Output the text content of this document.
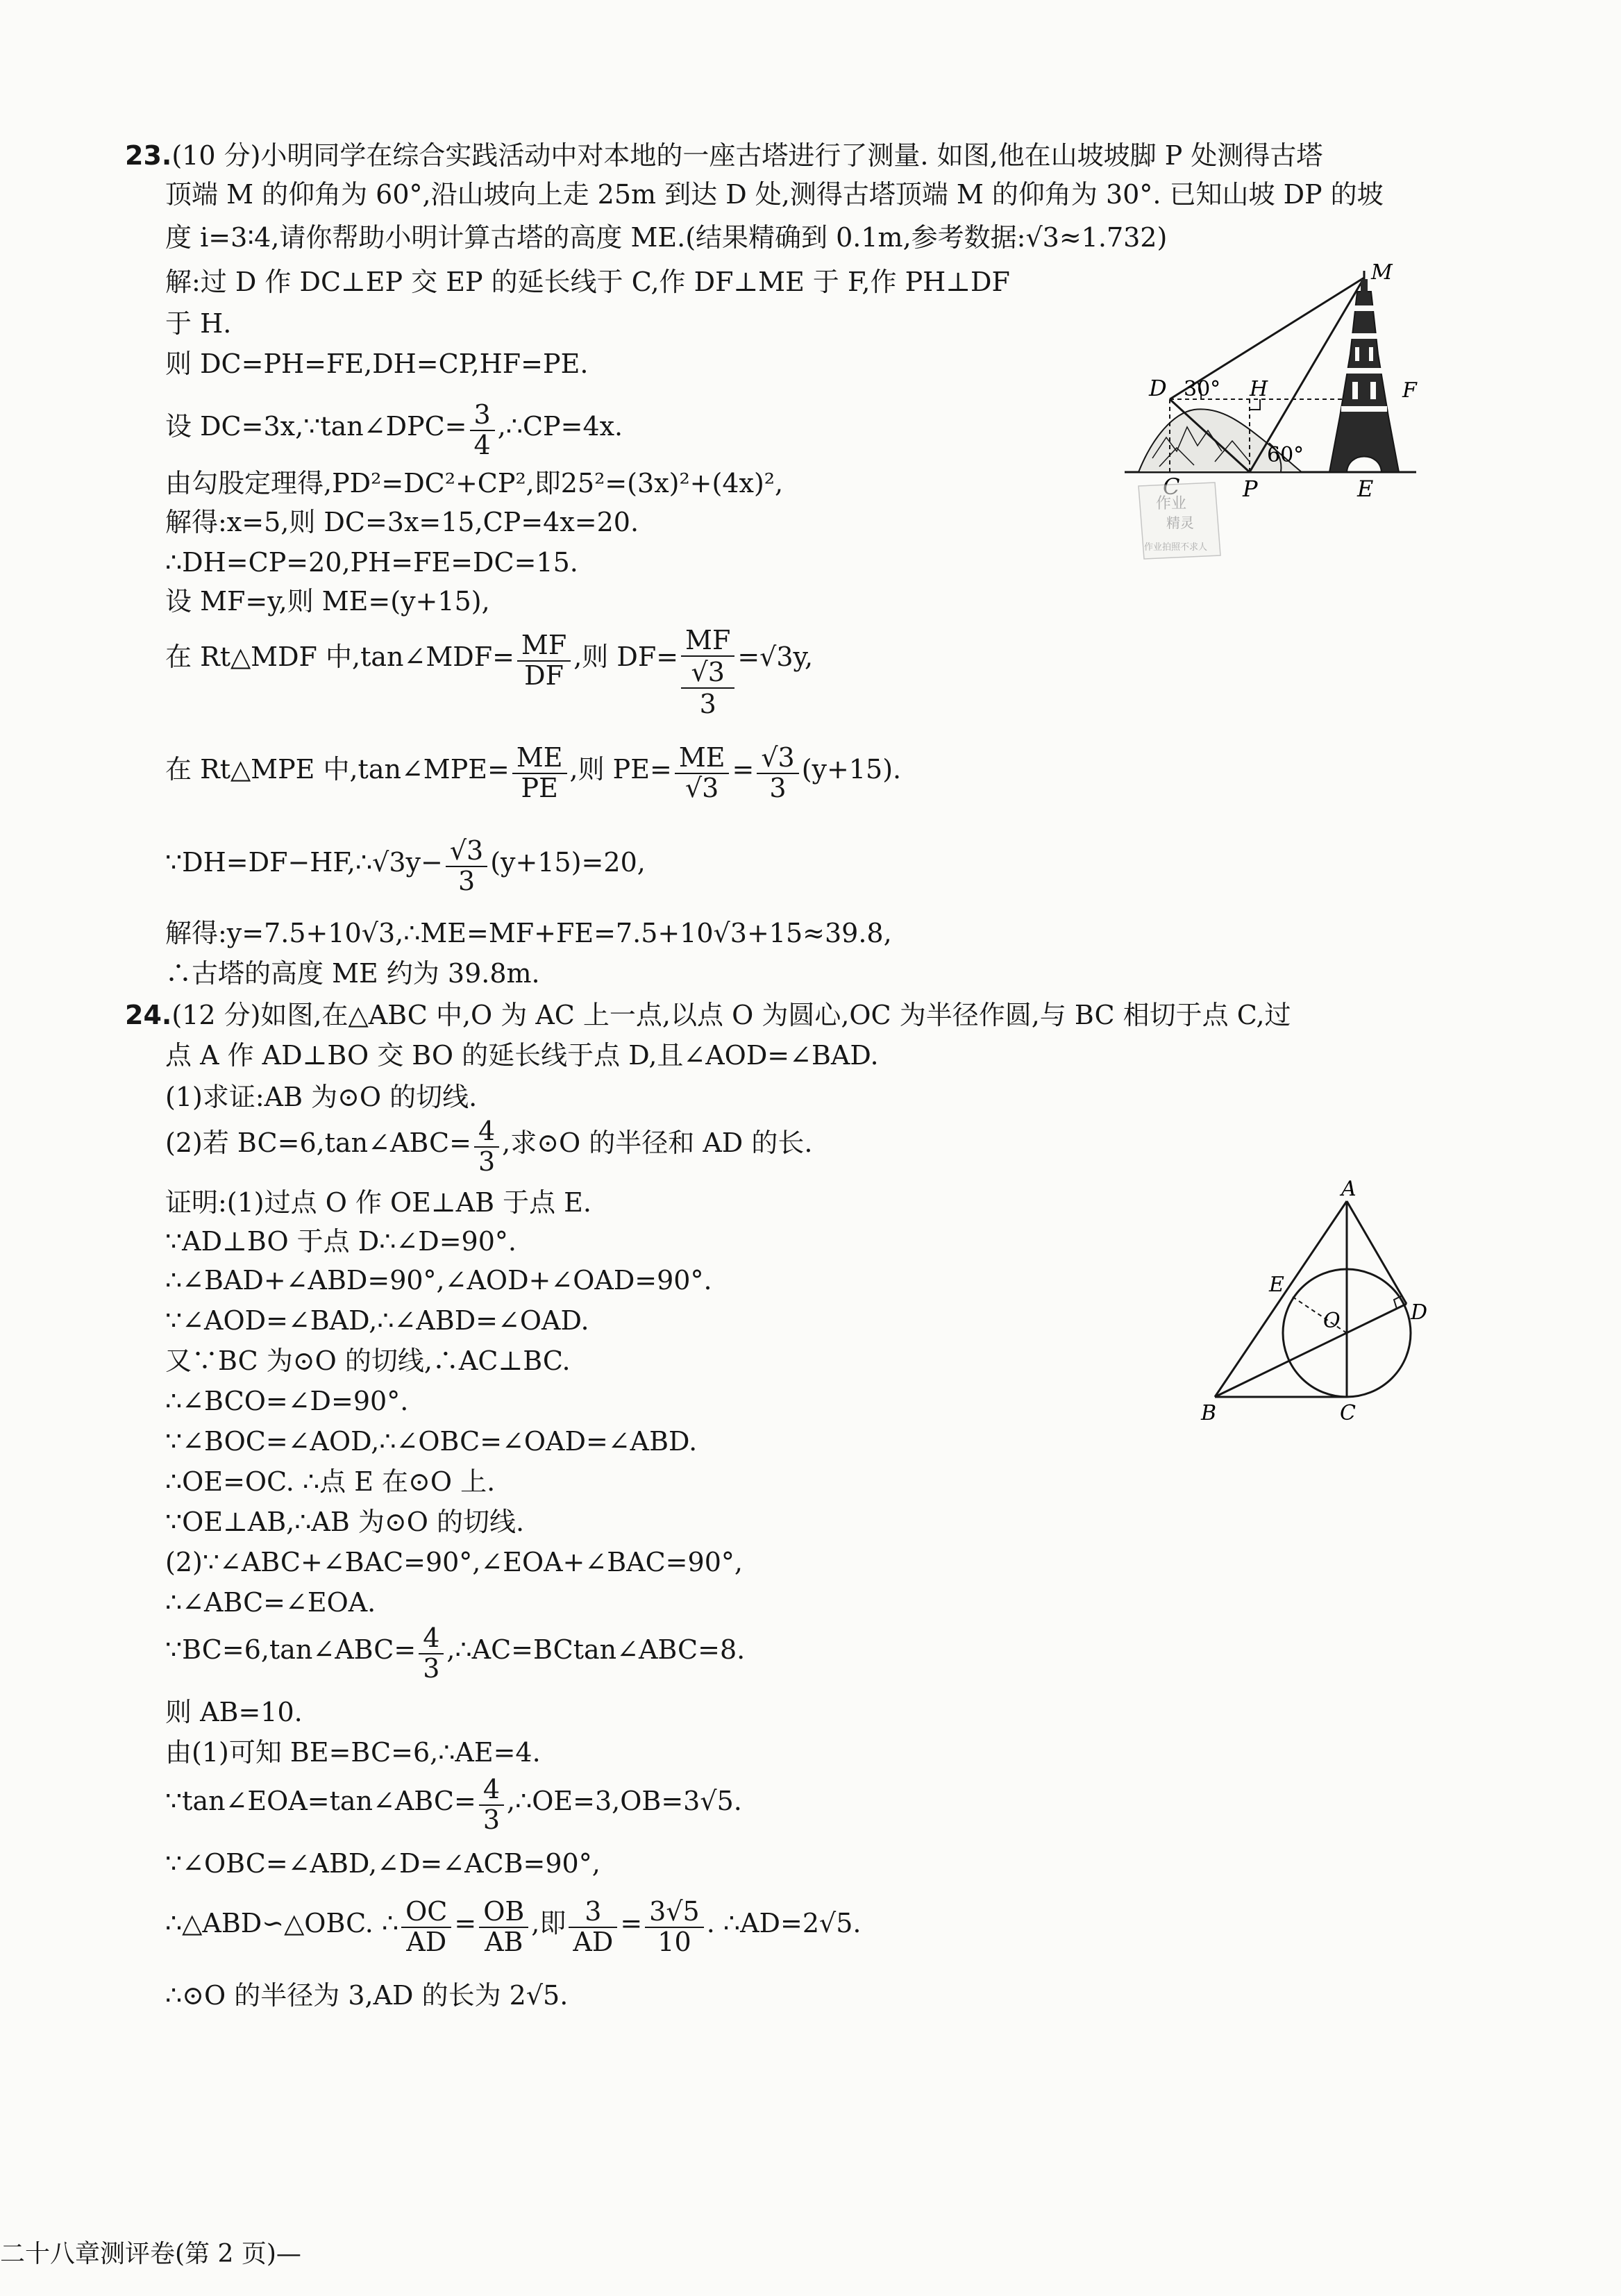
23.(10 分)小明同学在综合实践活动中对本地的一座古塔进行了测量. 如图,他在山坡坡脚 P 处测得古塔
顶端 M 的仰角为 60°,沿山坡向上走 25m 到达 D 处,测得古塔顶端 M 的仰角为 30°. 已知山坡 DP 的坡
度 i=3∶4,请你帮助小明计算古塔的高度 ME.(结果精确到 0.1m,参考数据:√3≈1.732)
解:过 D 作 DC⊥EP 交 EP 的延长线于 C,作 DF⊥ME 于 F,作 PH⊥DF
于 H.
则 DC=PH=FE,DH=CP,HF=PE.
设 DC=3x,∵tan∠DPC= $\frac{3}{4}$ ,∴CP=4x.
由勾股定理得,PD²=DC²+CP²,即25²=(3x)²+(4x)²,
解得:x=5,则 DC=3x=15,CP=4x=20.
∴DH=CP=20,PH=FE=DC=15.
设 MF=y,则 ME=(y+15),
在 Rt△MDF 中,tan∠MDF= $\frac{MF}{DF}$ ,则 DF=
MF
√3
3
=√3y,
在 Rt△MPE 中,tan∠MPE= $\frac{ME}{PE}$ ,则 $PE= \frac{ME}{√3} = \frac{√3}{3} (y+15)$.
∵DH=DF−HF,∴√3y− $\frac{√3}{3} (y+15)=20$,
解得:y=7.5+10√3,∴ME=MF+FE=7.5+10√3+15≈39.8,
∴古塔的高度 ME 约为 39.8m.
M
D 30° H	F
60°
P	E
作业
精灵
作业拍照不求人
24.(12 分)如图,在△ABC 中,O 为 AC 上一点,以点 O 为圆心,OC 为半径作圆,与 BC 相切于点 C,过
点 A 作 AD⊥BO 交 BO 的延长线于点 D,且∠AOD=∠BAD.
(1)求证:AB 为⊙O 的切线.
(2)若 BC=6,tan∠ABC= $\frac{4}{3}$ ,求⊙O 的半径和 AD 的长.
证明:(1)过点 O 作 OE⊥AB 于点 E.
∵AD⊥BO 于点 D∴∠D=90°.
∴∠BAD+∠ABD=90°,∠AOD+∠OAD=90°.
∵∠AOD=∠BAD,∴∠ABD=∠OAD.
又∵BC 为⊙O 的切线,∴AC⊥BC.
∴∠BCO=∠D=90°.
∵∠BOC=∠AOD,∴∠OBC=∠OAD=∠ABD.
∴OE=OC. ∴点 E 在⊙O 上.
∵OE⊥AB,∴AB 为⊙O 的切线.
(2)∵∠ABC+∠BAC=90°,∠EOA+∠BAC=90°,
∴∠ABC=∠EOA.
∵BC=6,tan∠ABC= $\frac{4}{3}$ ,∴AC=BCtan∠ABC=8.
则 AB=10.
由(1)可知 BE=BC=6,∴AE=4.
∵tan∠EOA=tan∠ABC= $\frac{4}{3}$ ,∴OE=3,OB=3√5.
∵∠OBC=∠ABD,∠D=∠ACB=90°,
∴△ABD∽△OBC. ∴ $\frac{OC}{AD} = \frac{OB}{AB}$ ,即 $\frac{3}{AD} = \frac{3√5}{10}$ . ∴AD=2√5.
∴⊙O 的半径为 3,AD 的长为 2√5.
A
E
O	D
B	C
二十八章测评卷(第 2 页)—
